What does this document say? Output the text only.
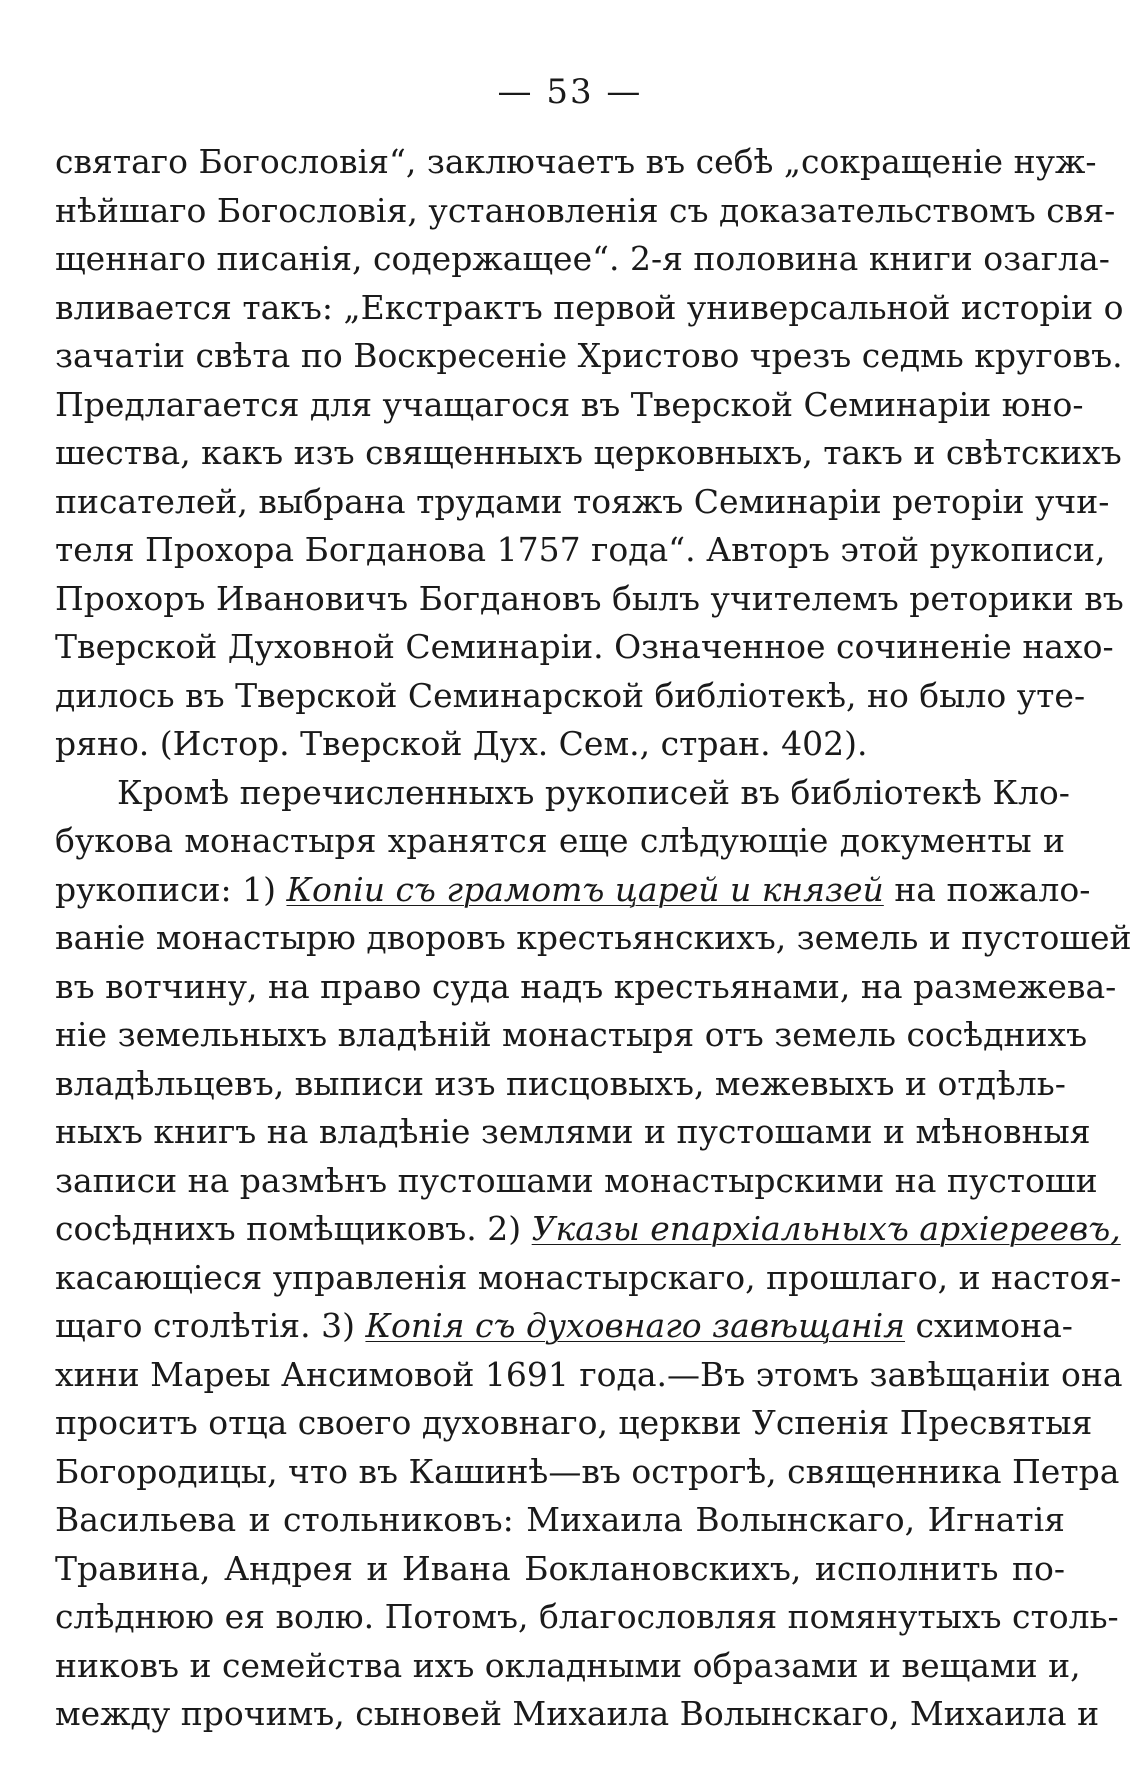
— 53 —
святаго Богословія“, заключаетъ въ себѣ „сокращеніе нуж-
нѣйшаго Богословія, установленія съ доказательствомъ свя-
щеннаго писанія, содержащее“. 2-я половина книги озагла-
вливается такъ: „Екстрактъ первой универсальной исторіи о
зачатіи свѣта по Воскресеніе Христово чрезъ седмь круговъ.
Предлагается для учащагося въ Тверской Семинаріи юно-
шества, какъ изъ священныхъ церковныхъ, такъ и свѣтскихъ
писателей, выбрана трудами тояжъ Семинаріи реторіи учи-
теля Прохора Богданова 1757 года“. Авторъ этой рукописи,
Прохоръ Ивановичъ Богдановъ былъ учителемъ реторики въ
Тверской Духовной Семинаріи. Означенное сочиненіе нахо-
дилось въ Тверской Семинарской библіотекѣ, но было уте-
ряно. (Истор. Тверской Дух. Сем., стран. 402).
Кромѣ перечисленныхъ рукописей въ библіотекѣ Кло-
букова монастыря хранятся еще слѣдующіе документы и
рукописи: 1) Копіи съ грамотъ царей и князей на пожало-
ваніе монастырю дворовъ крестьянскихъ, земель и пустошей
въ вотчину, на право суда надъ крестьянами, на размежева-
ніе земельныхъ владѣній монастыря отъ земель сосѣднихъ
владѣльцевъ, выписи изъ писцовыхъ, межевыхъ и отдѣль-
ныхъ книгъ на владѣніе землями и пустошами и мѣновныя
записи на размѣнъ пустошами монастырскими на пустоши
сосѣднихъ помѣщиковъ. 2) Указы епархіальныхъ архіереевъ,
касающіеся управленія монастырскаго, прошлаго, и настоя-
щаго столѣтія. 3) Копія съ духовнаго завѣщанія схимона-
хини Мареы Ансимовой 1691 года.—Въ этомъ завѣщаніи она
проситъ отца своего духовнаго, церкви Успенія Пресвятыя
Богородицы, что въ Кашинѣ—въ острогѣ, священника Петра
Васильева и стольниковъ: Михаила Волынскаго, Игнатія
Травина, Андрея и Ивана Боклановскихъ, исполнить по-
слѣднюю ея волю. Потомъ, благословляя помянутыхъ столь-
никовъ и семейства ихъ окладными образами и вещами и,
между прочимъ, сыновей Михаила Волынскаго, Михаила и
